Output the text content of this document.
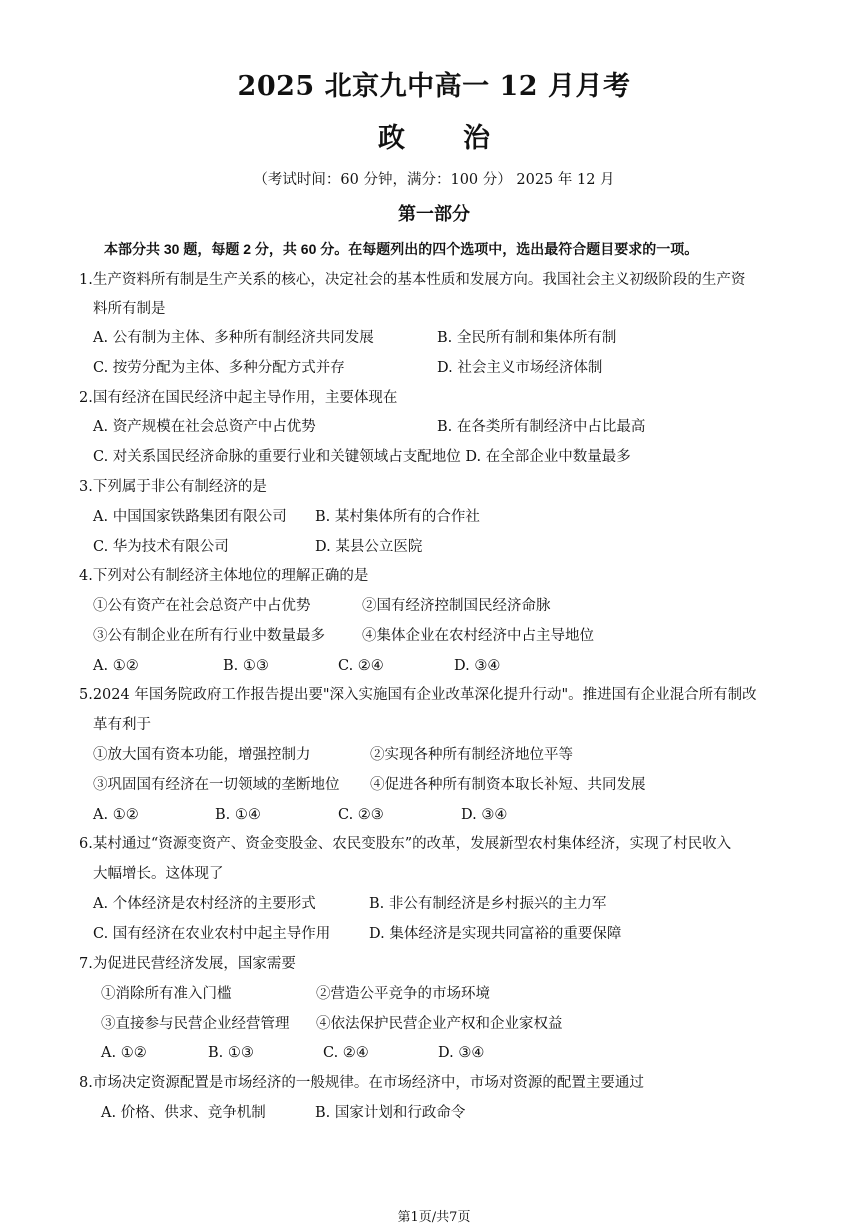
2025 北京九中高一 12 月月考
政治
（考试时间：60 分钟，满分：100 分） 2025 年 12 月
第一部分
本部分共 30 题，每题 2 分，共 60 分。在每题列出的四个选项中，选出最符合题目要求的一项。
1.生产资料所有制是生产关系的核心，决定社会的基本性质和发展方向。我国社会主义初级阶段的生产资
料所有制是
A. 公有制为主体、多种所有制经济共同发展	B. 全民所有制和集体所有制
C. 按劳分配为主体、多种分配方式并存	D. 社会主义市场经济体制
2.国有经济在国民经济中起主导作用，主要体现在
A. 资产规模在社会总资产中占优势	B. 在各类所有制经济中占比最高
C. 对关系国民经济命脉的重要行业和关键领域占支配地位 D. 在全部企业中数量最多
3.下列属于非公有制经济的是
A. 中国国家铁路集团有限公司 B. 某村集体所有的合作社
C. 华为技术有限公司	D. 某县公立医院
4.下列对公有制经济主体地位的理解正确的是
①公有资产在社会总资产中占优势	②国有经济控制国民经济命脉
③公有制企业在所有行业中数量最多	④集体企业在农村经济中占主导地位
A. ①②	B. ①③	C. ②④	D. ③④
5.2024 年国务院政府工作报告提出要"深入实施国有企业改革深化提升行动"。推进国有企业混合所有制改
革有利于
①放大国有资本功能，增强控制力	②实现各种所有制经济地位平等
③巩固国有经济在一切领域的垄断地位 ④促进各种所有制资本取长补短、共同发展
A. ①②	B. ①④	C. ②③	D. ③④
6.某村通过“资源变资产、资金变股金、农民变股东”的改革，发展新型农村集体经济，实现了村民收入
大幅增长。这体现了
A. 个体经济是农村经济的主要形式	B. 非公有制经济是乡村振兴的主力军
C. 国有经济在农业农村中起主导作用	D. 集体经济是实现共同富裕的重要保障
7.为促进民营经济发展，国家需要
①消除所有准入门槛	②营造公平竞争的市场环境
③直接参与民营企业经营管理 ④依法保护民营企业产权和企业家权益
A. ①②	B. ①③	C. ②④	D. ③④
8.市场决定资源配置是市场经济的一般规律。在市场经济中，市场对资源的配置主要通过
A. 价格、供求、竞争机制	B. 国家计划和行政命令
第1页/共7页
